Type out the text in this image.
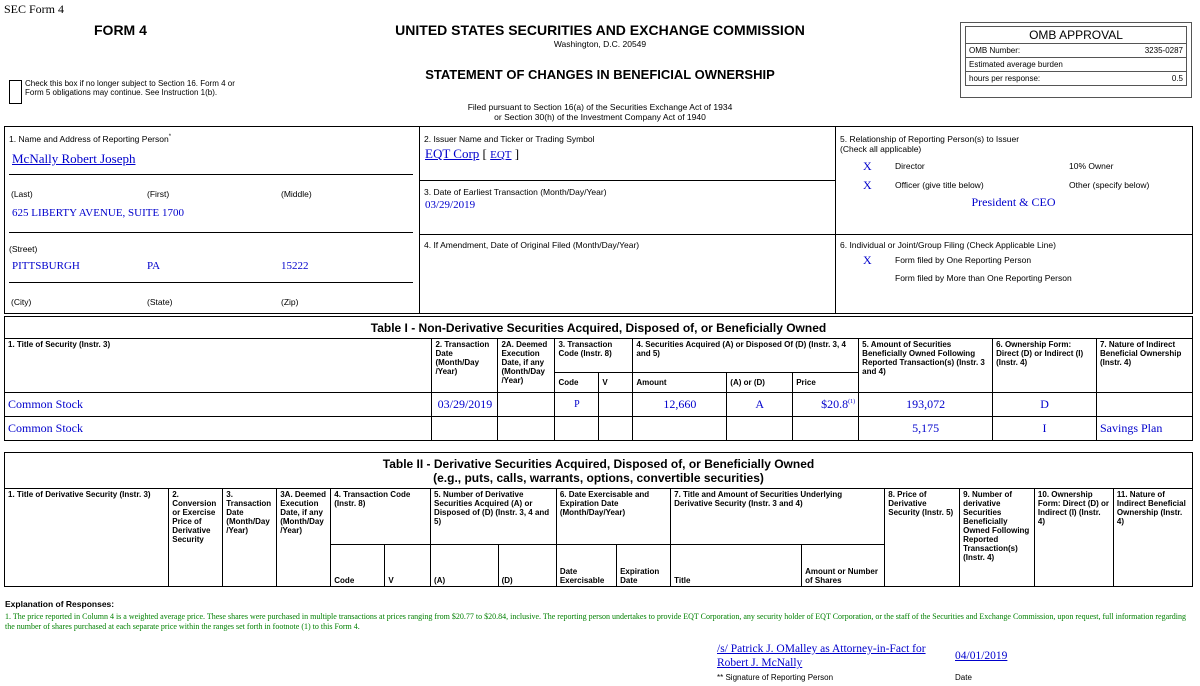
SEC Form 4
FORM 4
Check this box if no longer subject to Section 16. Form 4 or Form 5 obligations may continue. See Instruction 1(b).
UNITED STATES SECURITIES AND EXCHANGE COMMISSION
Washington, D.C. 20549
STATEMENT OF CHANGES IN BENEFICIAL OWNERSHIP
Filed pursuant to Section 16(a) of the Securities Exchange Act of 1934
or Section 30(h) of the Investment Company Act of 1940
OMB APPROVAL
OMB Number:	3235-0287
Estimated average burden
hours per response:	0.5
1. Name and Address of Reporting Person*
McNally Robert Joseph
(Last)	(First)	(Middle)
625 LIBERTY AVENUE, SUITE 1700
(Street)
PITTSBURGH	PA	15222
(City)	(State)	(Zip)
2. Issuer Name and Ticker or Trading Symbol
EQT Corp [ EQT ]
3. Date of Earliest Transaction (Month/Day/Year)
03/29/2019
4. If Amendment, Date of Original Filed (Month/Day/Year)
5. Relationship of Reporting Person(s) to Issuer
(Check all applicable)
X	Director	10% Owner
X	Officer (give title below)	Other (specify below)
President & CEO
6. Individual or Joint/Group Filing (Check Applicable Line)
X	Form filed by One Reporting Person
Form filed by More than One Reporting Person
Table I - Non-Derivative Securities Acquired, Disposed of, or Beneficially Owned										
1. Title of Security (Instr. 3)	2. Transaction Date (Month/Day /Year)	2A. Deemed Execution Date, if any (Month/Day /Year)	3. Transaction Code (Instr. 8)		4. Securities Acquired (A) or Disposed Of (D) (Instr. 3, 4 and 5)			5. Amount of Securities Beneficially Owned Following Reported Transaction(s) (Instr. 3 and 4)	6. Ownership Form: Direct (D) or Indirect (I) (Instr. 4)	7. Nature of Indirect Beneficial Ownership (Instr. 4)
			Code	V	Amount	(A) or (D)	Price			
Common Stock	03/29/2019		P		12,660	A	$20.8$^{(1)}$	193,072	D	
Common Stock								5,175	I	Savings Plan
Table II - Derivative Securities Acquired, Disposed of, or Beneficially Owned
(e.g., puts, calls, warrants, options, convertible securities)															

1. Title of Derivative Security (Instr. 3)	2. Conversion or Exercise Price of Derivative Security	3. Transaction Date (Month/Day /Year)	3A. Deemed Execution Date, if any (Month/Day /Year)	4. Transaction Code (Instr. 8)		5. Number of Derivative Securities Acquired (A) or Disposed of (D) (Instr. 3, 4 and 5)		6. Date Exercisable and Expiration Date (Month/Day/Year)		7. Title and Amount of Securities Underlying Derivative Security (Instr. 3 and 4)		8. Price of Derivative Security (Instr. 5)	9. Number of derivative Securities Beneficially Owned Following Reported Transaction(s) (Instr. 4)	10. Ownership Form: Direct (D) or Indirect (I) (Instr. 4)	11. Nature of Indirect Beneficial Ownership (Instr. 4)
				Code	V	(A)	(D)	Date Exercisable	Expiration Date	Title	Amount or Number of Shares				
Explanation of Responses:
1. The price reported in Column 4 is a weighted average price. These shares were purchased in multiple transactions at prices ranging from $20.77 to $20.84, inclusive. The reporting person undertakes to provide EQT Corporation, any security holder of EQT Corporation, or the staff of the Securities and Exchange Commission, upon request, full information regarding the number of shares purchased at each separate price within the ranges set forth in footnote (1) to this Form 4.
/s/ Patrick J. OMalley as Attorney-in-Fact for
Robert J. McNally
04/01/2019
** Signature of Reporting Person	Date
